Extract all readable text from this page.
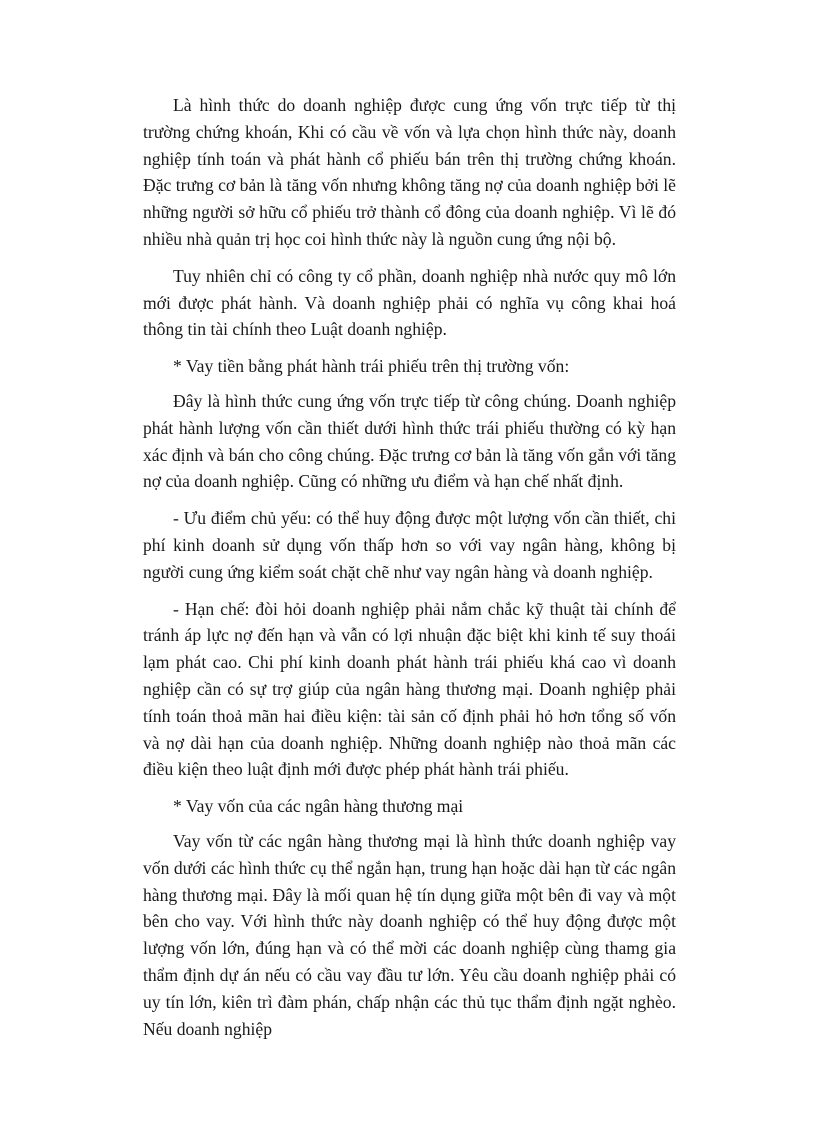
Là hình thức do doanh nghiệp được cung ứng vốn trực tiếp từ thị trường chứng khoán, Khi có cầu về vốn và lựa chọn hình thức này, doanh nghiệp tính toán và phát hành cổ phiếu bán trên thị trường chứng khoán. Đặc trưng cơ bản là tăng vốn nhưng không tăng nợ của doanh nghiệp bởi lẽ những người sở hữu cổ phiếu trở thành cổ đông của doanh nghiệp. Vì lẽ đó nhiều nhà quản trị học coi hình thức này là nguồn cung ứng nội bộ.

Tuy nhiên chỉ có công ty cổ phần, doanh nghiệp nhà nước quy mô lớn mới được phát hành. Và doanh nghiệp phải có nghĩa vụ công khai hoá thông tin tài chính theo Luật doanh nghiệp.

* Vay tiền bằng phát hành trái phiếu trên thị trường vốn:

Đây là hình thức cung ứng vốn trực tiếp từ công chúng. Doanh nghiệp phát hành lượng vốn cần thiết dưới hình thức trái phiếu thường có kỳ hạn xác định và bán cho công chúng. Đặc trưng cơ bản là tăng vốn gắn với tăng nợ của doanh nghiệp. Cũng có những ưu điểm và hạn chế nhất định.

- Ưu điểm chủ yếu: có thể huy động được một lượng vốn cần thiết, chi phí kinh doanh sử dụng vốn thấp hơn so với vay ngân hàng, không bị người cung ứng kiểm soát chặt chẽ như vay ngân hàng và doanh nghiệp.

- Hạn chế: đòi hỏi doanh nghiệp phải nắm chắc kỹ thuật tài chính để tránh áp lực nợ đến hạn và vẫn có lợi nhuận đặc biệt khi kinh tế suy thoái lạm phát cao. Chi phí kinh doanh phát hành trái phiếu khá cao vì doanh nghiệp cần có sự trợ giúp của ngân hàng thương mại. Doanh nghiệp phải tính toán thoả mãn hai điều kiện: tài sản cố định phải hỏ hơn tổng số vốn và nợ dài hạn của doanh nghiệp. Những doanh nghiệp nào thoả mãn các điều kiện theo luật định mới được phép phát hành trái phiếu.

* Vay vốn của các ngân hàng thương mại

Vay vốn từ các ngân hàng thương mại là hình thức doanh nghiệp vay vốn dưới các hình thức cụ thể ngắn hạn, trung hạn hoặc dài hạn từ các ngân hàng thương mại. Đây là mối quan hệ tín dụng giữa một bên đi vay và một bên cho vay. Với hình thức này doanh nghiệp có thể huy động được một lượng vốn lớn, đúng hạn và có thể mời các doanh nghiệp cùng thamg gia thẩm định dự án nếu có cầu vay đầu tư lớn. Yêu cầu doanh nghiệp phải có uy tín lớn, kiên trì đàm phán, chấp nhận các thủ tục thẩm định ngặt nghèo. Nếu doanh nghiệp
